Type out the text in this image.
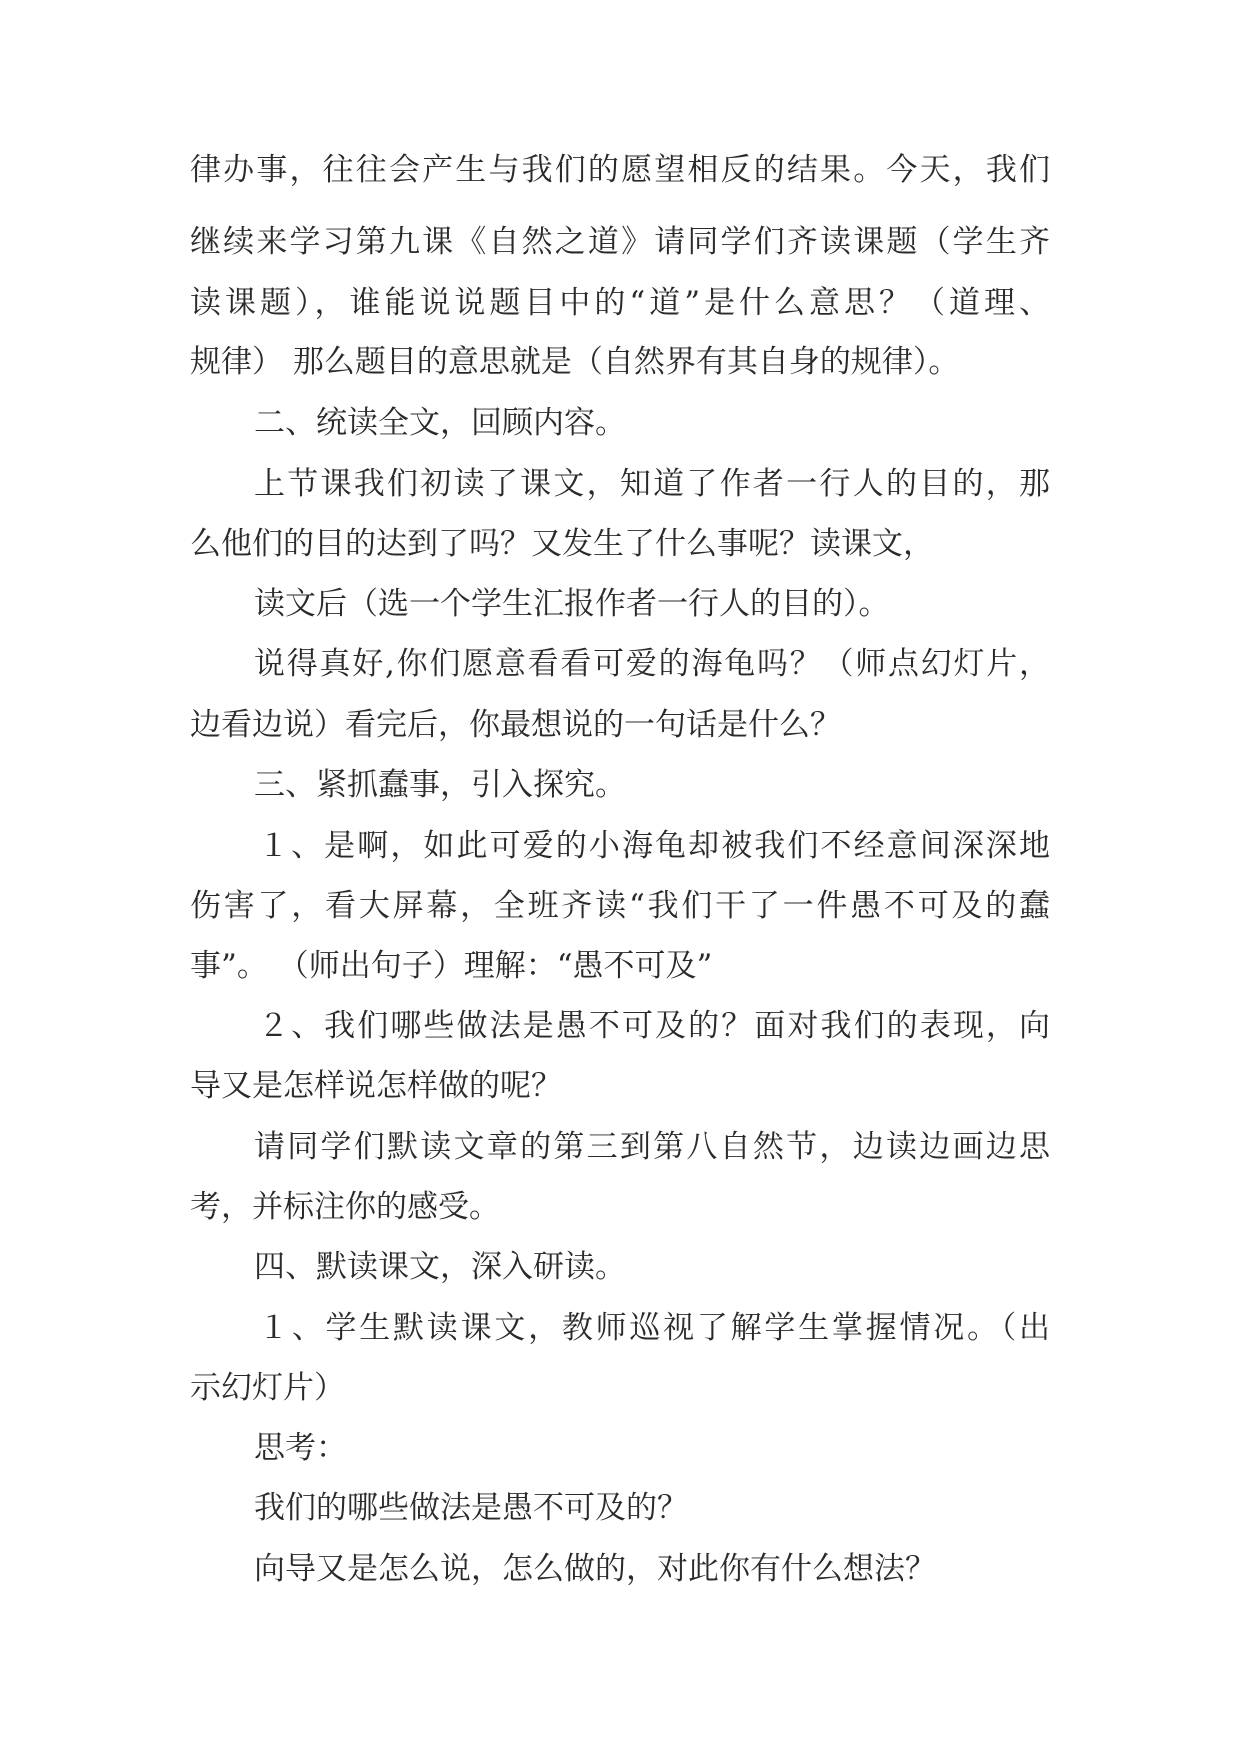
律办事，往往会产生与我们的愿望相反的结果。今天，我们
继续来学习第九课《自然之道》请同学们齐读课题（学生齐
读课题），谁能说说题目中的“道”是什么意思？（道理、
规律） 那么题目的意思就是（自然界有其自身的规律）。
二、统读全文，回顾内容。
上节课我们初读了课文，知道了作者一行人的目的，那
么他们的目的达到了吗？又发生了什么事呢？读课文，
读文后（选一个学生汇报作者一行人的目的）。
说得真好,你们愿意看看可爱的海龟吗？（师点幻灯片，
边看边说）看完后，你最想说的一句话是什么？
三、紧抓蠢事，引入探究。
１、是啊，如此可爱的小海龟却被我们不经意间深深地
伤害了，看大屏幕，全班齐读“我们干了一件愚不可及的蠢
事”。 （师出句子）理解：“愚不可及”
２、我们哪些做法是愚不可及的？面对我们的表现，向
导又是怎样说怎样做的呢？
请同学们默读文章的第三到第八自然节，边读边画边思
考，并标注你的感受。
四、默读课文，深入研读。
１、学生默读课文，教师巡视了解学生掌握情况。（出
示幻灯片）
思考：
我们的哪些做法是愚不可及的？
向导又是怎么说，怎么做的，对此你有什么想法？
